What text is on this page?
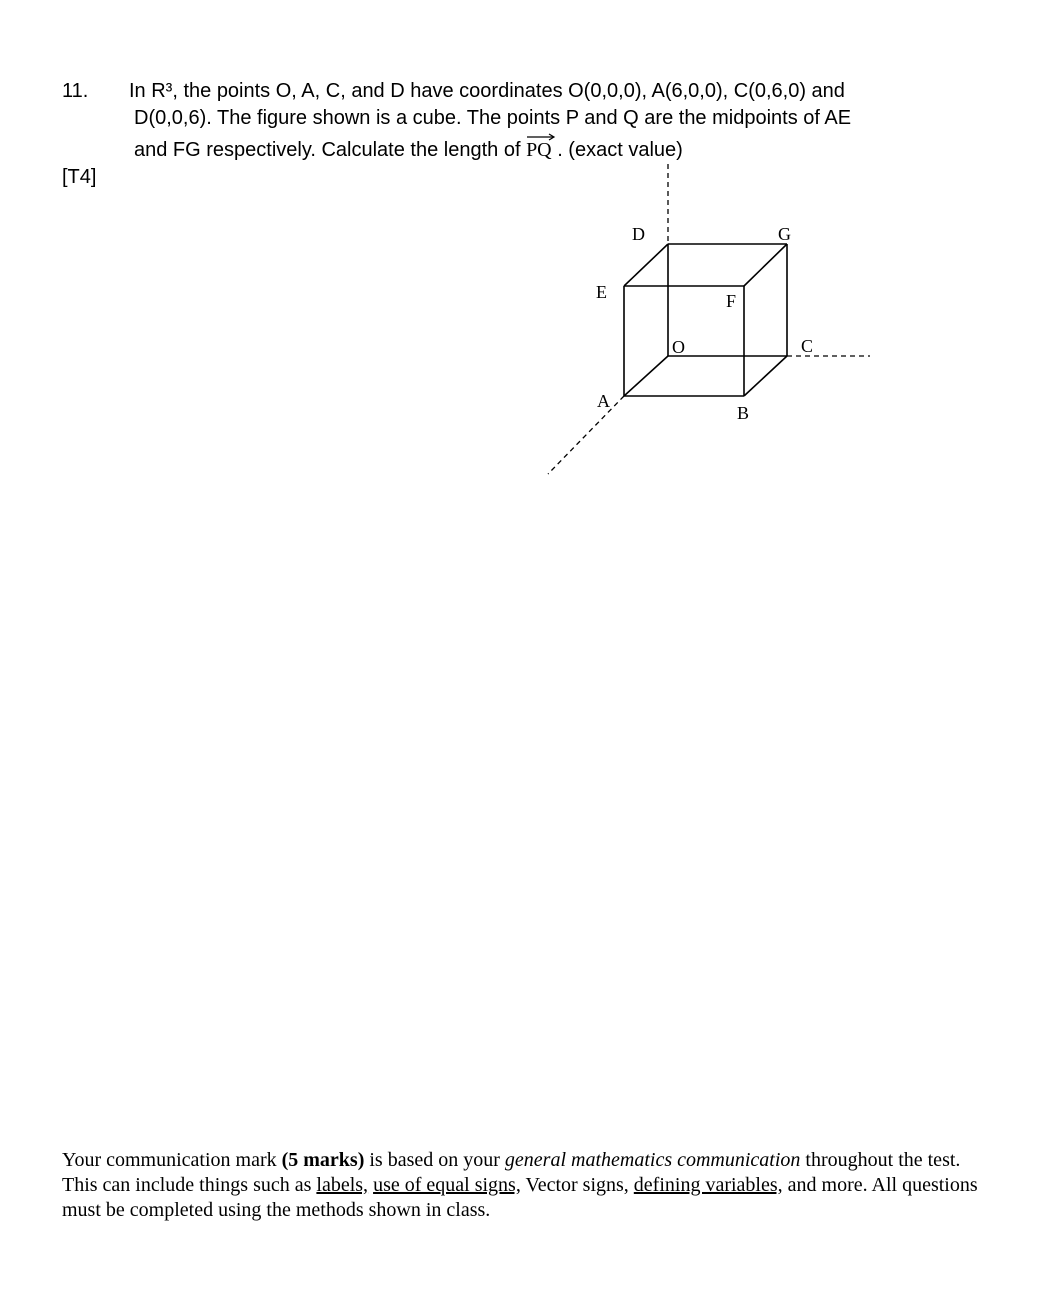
11.
[T4]
In R³, the points O, A, C, and D have coordinates O(0,0,0), A(6,0,0), C(0,6,0) and
D(0,0,6). The figure shown is a cube. The points P and Q are the midpoints of AE
and FG respectively. Calculate the length of
PQ . (exact value)
D	G
E	F
O	C
A
B
Your communication mark (5 marks) is based on your general mathematics communication throughout the test. This can include things such as labels, use of equal signs, Vector signs, defining variables, and more. All questions must be completed using the methods shown in class.
